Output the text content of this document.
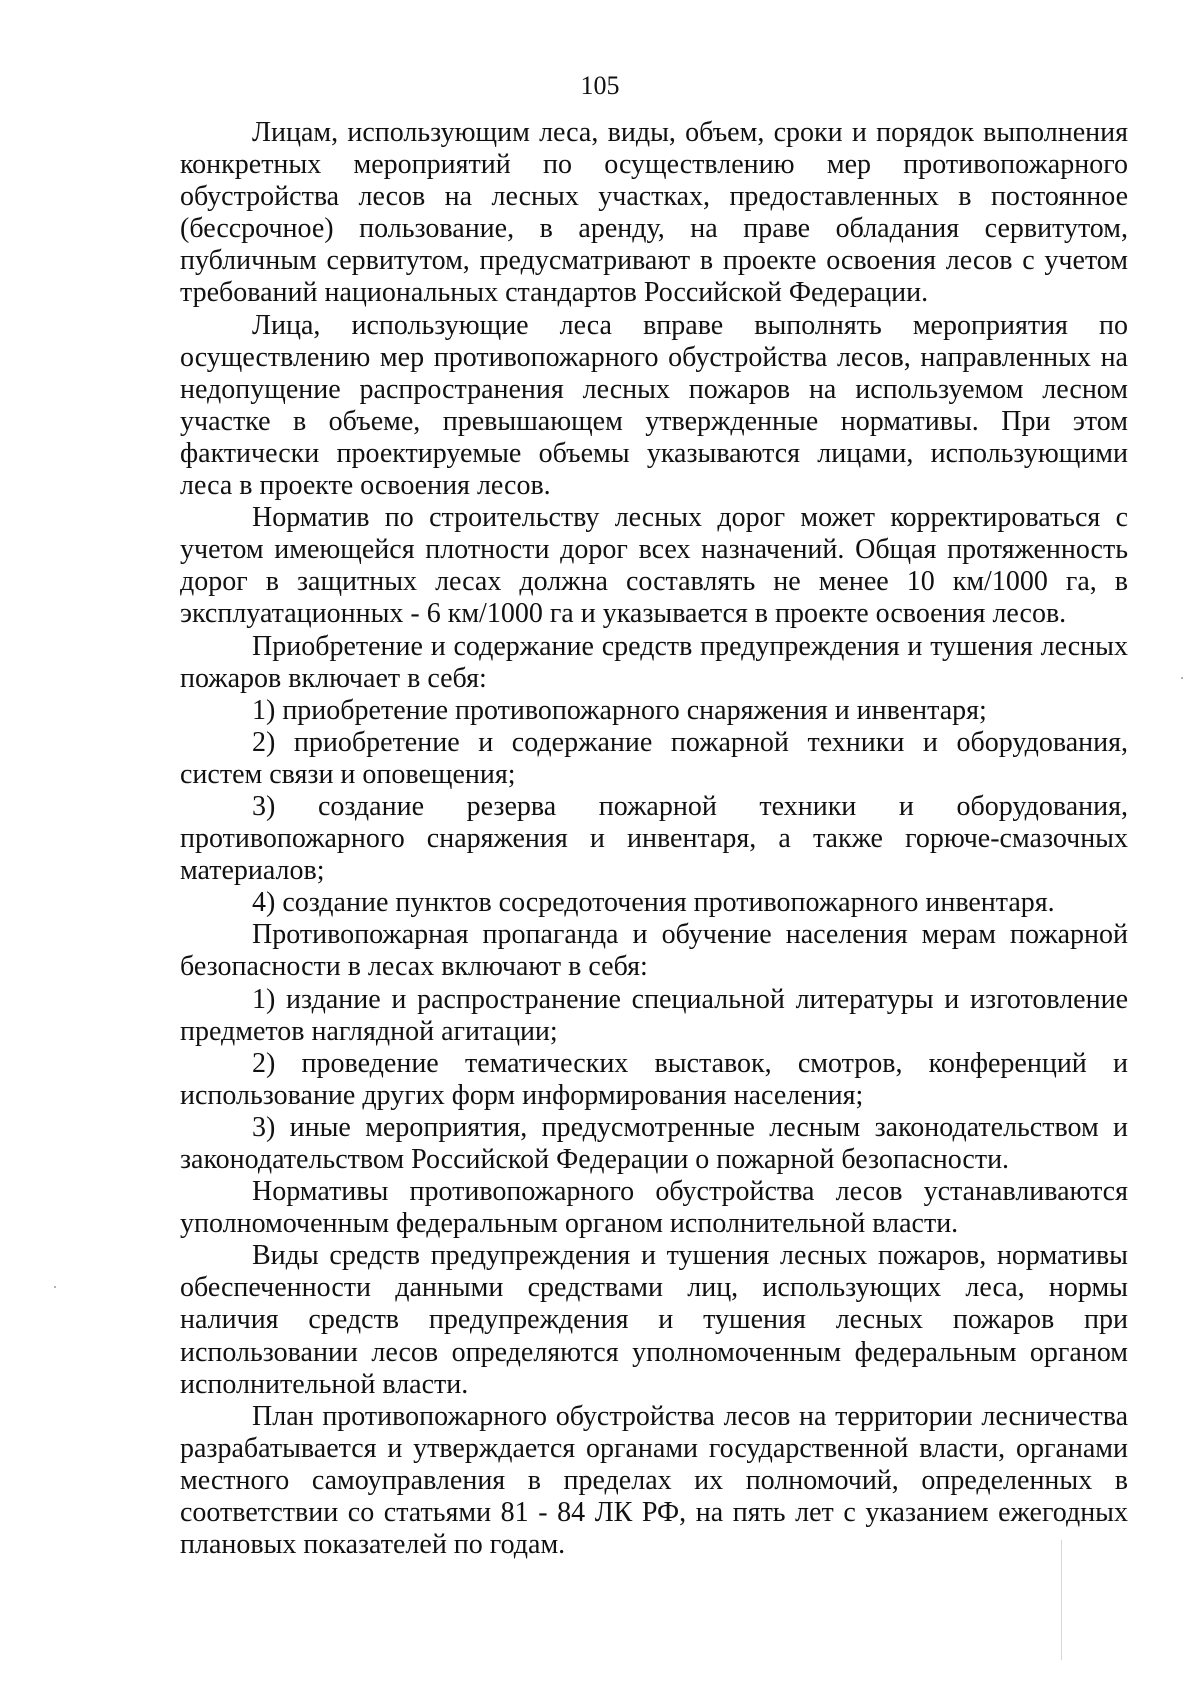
105

Лицам, использующим леса, виды, объем, сроки и порядок выполнения конкретных мероприятий по осуществлению мер противопожарного обустройства лесов на лесных участках, предоставленных в постоянное (бессрочное) пользование, в аренду, на праве обладания сервитутом, публичным сервитутом, предусматривают в проекте освоения лесов с учетом требований национальных стандартов Российской Федерации.

Лица, использующие леса вправе выполнять мероприятия по осуществлению мер противопожарного обустройства лесов, направленных на недопущение распространения лесных пожаров на используемом лесном участке в объеме, превышающем утвержденные нормативы. При этом фактически проектируемые объемы указываются лицами, использующими леса в проекте освоения лесов.

Норматив по строительству лесных дорог может корректироваться с учетом имеющейся плотности дорог всех назначений. Общая протяженность дорог в защитных лесах должна составлять не менее 10 км/1000 га, в эксплуатационных - 6 км/1000 га и указывается в проекте освоения лесов.

Приобретение и содержание средств предупреждения и тушения лесных пожаров включает в себя:

1) приобретение противопожарного снаряжения и инвентаря;

2) приобретение и содержание пожарной техники и оборудования, систем связи и оповещения;

3) создание резерва пожарной техники и оборудования, противопожарного снаряжения и инвентаря, а также горюче-смазочных материалов;

4) создание пунктов сосредоточения противопожарного инвентаря.

Противопожарная пропаганда и обучение населения мерам пожарной безопасности в лесах включают в себя:

1) издание и распространение специальной литературы и изготовление предметов наглядной агитации;

2) проведение тематических выставок, смотров, конференций и использование других форм информирования населения;

3) иные мероприятия, предусмотренные лесным законодательством и законодательством Российской Федерации о пожарной безопасности.

Нормативы противопожарного обустройства лесов устанавливаются уполномоченным федеральным органом исполнительной власти.

Виды средств предупреждения и тушения лесных пожаров, нормативы обеспеченности данными средствами лиц, использующих леса, нормы наличия средств предупреждения и тушения лесных пожаров при использовании лесов определяются уполномоченным федеральным органом исполнительной власти.

План противопожарного обустройства лесов на территории лесничества разрабатывается и утверждается органами государственной власти, органами местного самоуправления в пределах их полномочий, определенных в соответствии со статьями 81 - 84 ЛК РФ, на пять лет с указанием ежегодных плановых показателей по годам.
